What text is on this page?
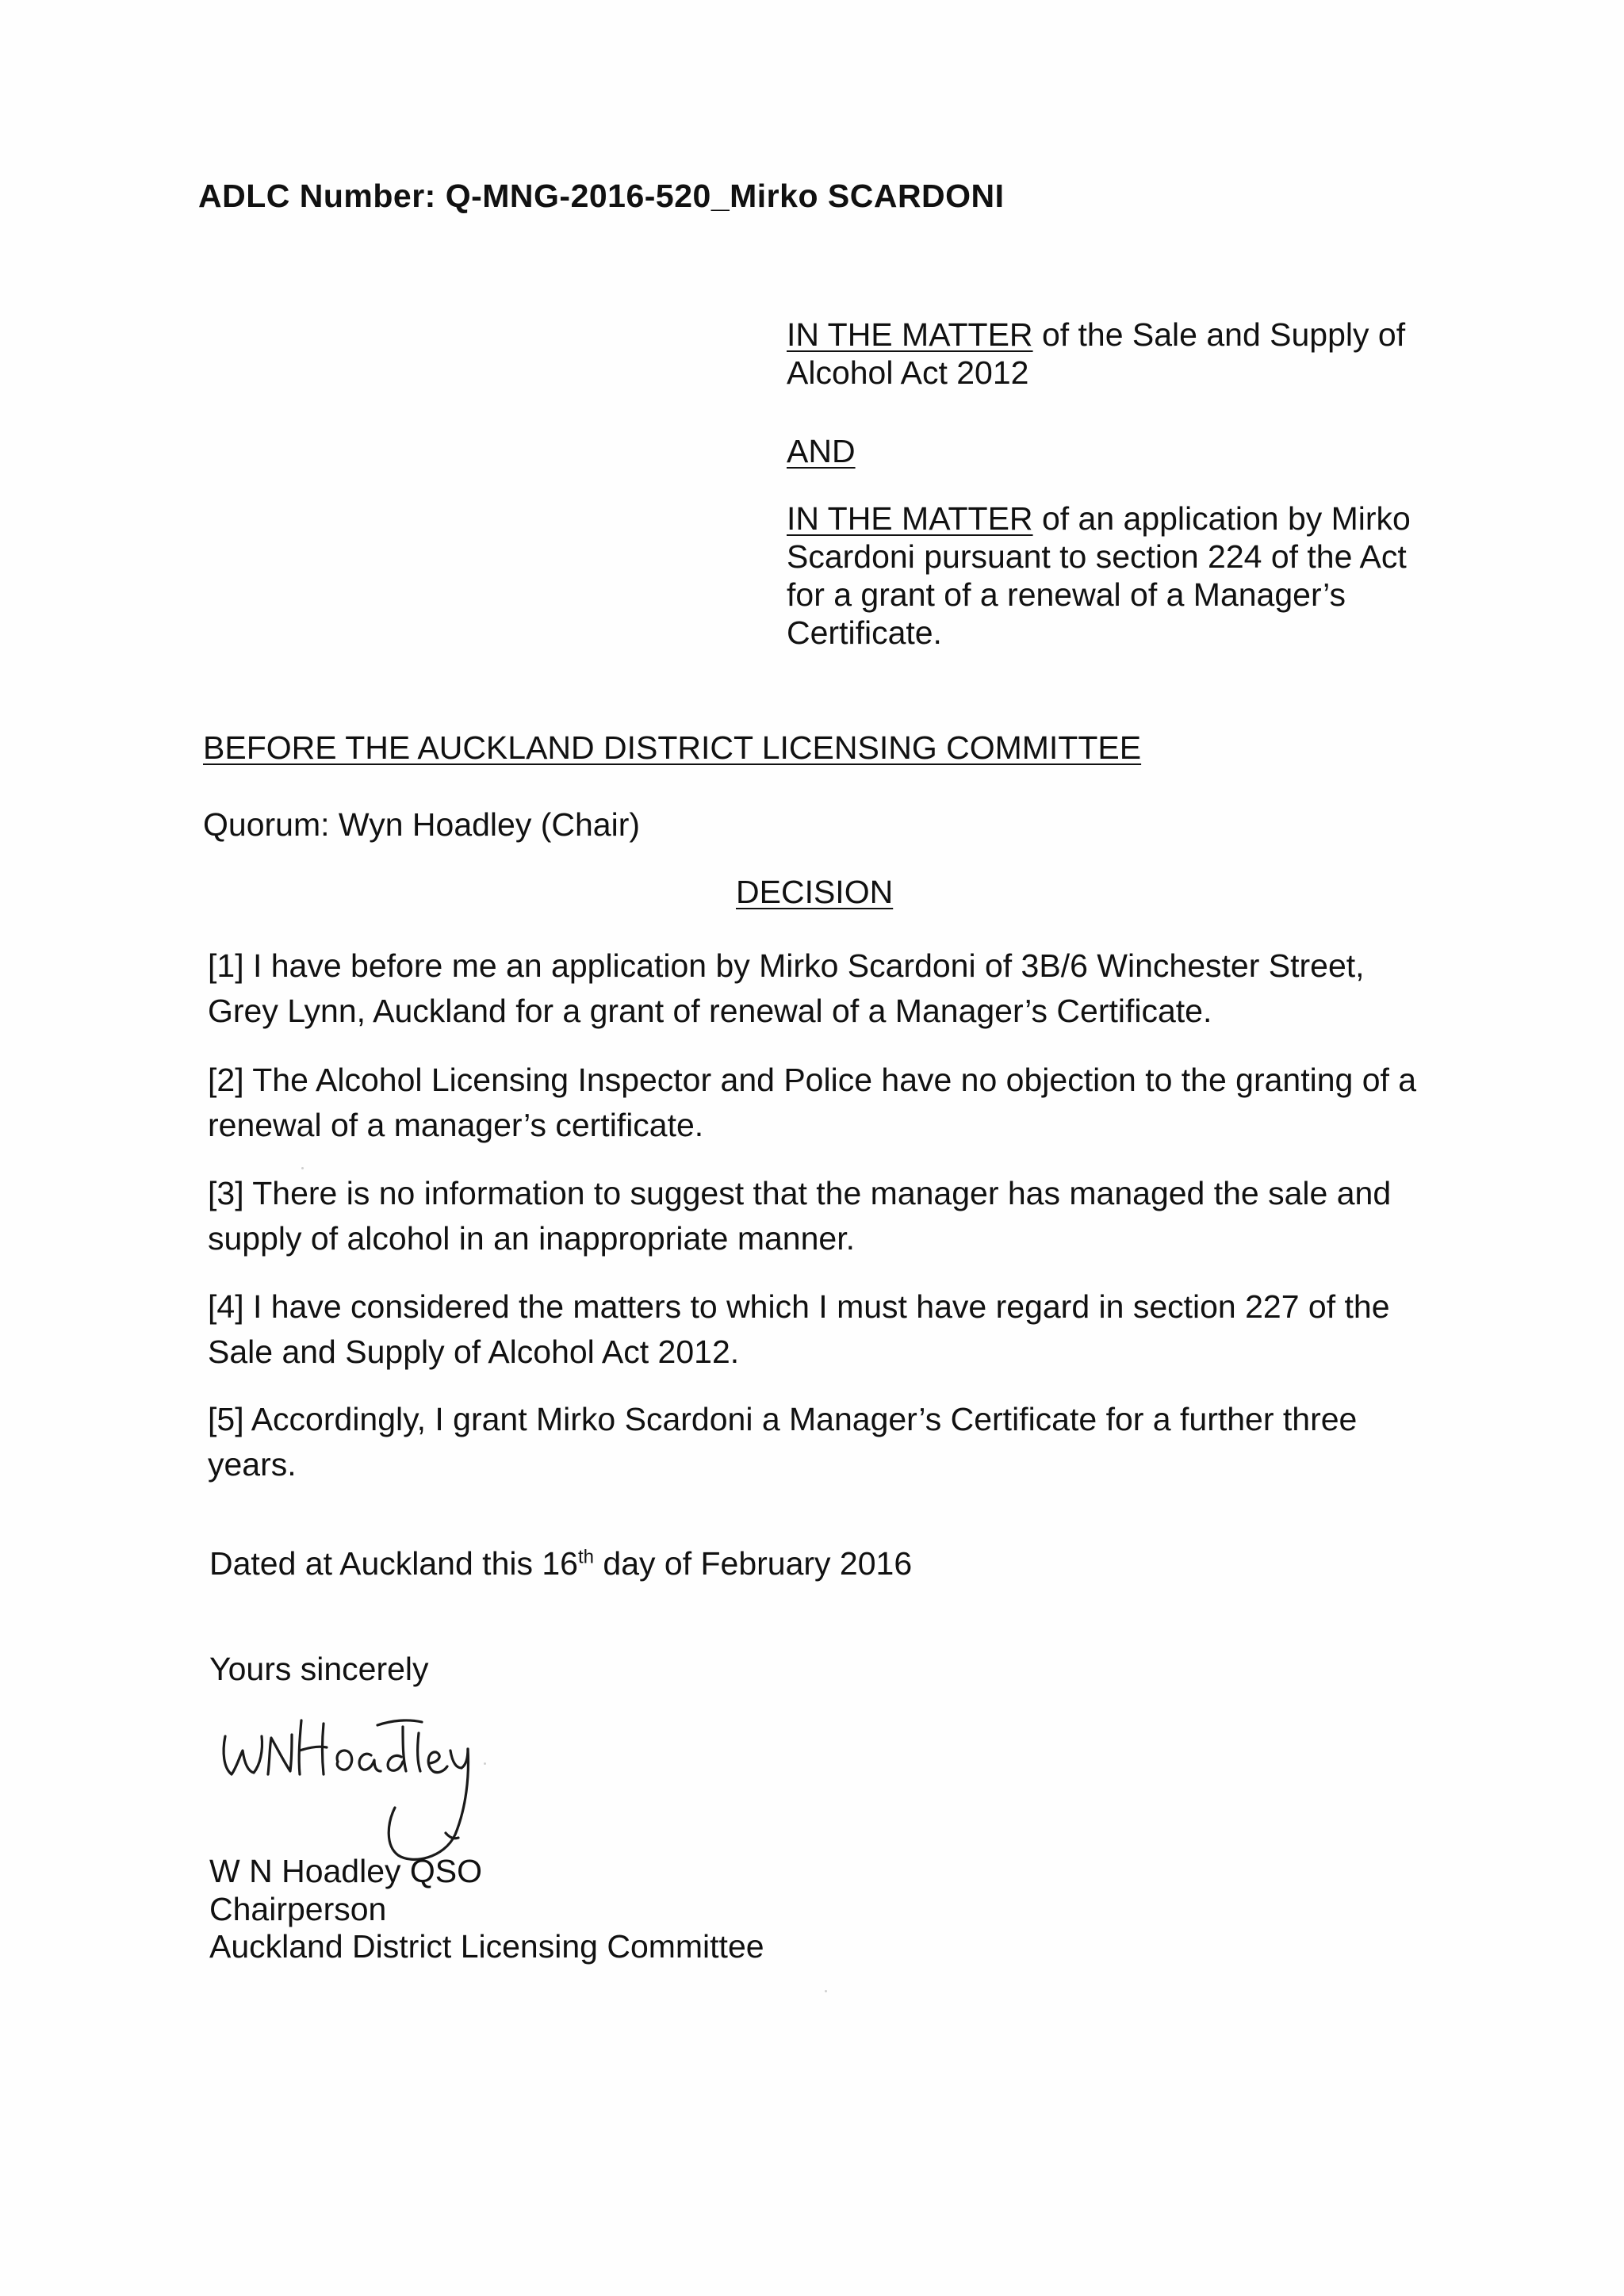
ADLC Number: Q-MNG-2016-520_Mirko SCARDONI
IN THE MATTER of the Sale and Supply of
Alcohol Act 2012
AND
IN THE MATTER of an application by Mirko
Scardoni pursuant to section 224 of the Act
for a grant of a renewal of a Manager’s
Certificate.
BEFORE THE AUCKLAND DISTRICT LICENSING COMMITTEE
Quorum: Wyn Hoadley (Chair)
DECISION
[1] I have before me an application by Mirko Scardoni of 3B/6 Winchester Street,
Grey Lynn, Auckland for a grant of renewal of a Manager’s Certificate.
[2] The Alcohol Licensing Inspector and Police have no objection to the granting of a
renewal of a manager’s certificate.
[3] There is no information to suggest that the manager has managed the sale and
supply of alcohol in an inappropriate manner.
[4] I have considered the matters to which I must have regard in section 227 of the
Sale and Supply of Alcohol Act 2012.
[5] Accordingly, I grant Mirko Scardoni a Manager’s Certificate for a further three
years.
Dated at Auckland this 16th day of February 2016
Yours sincerely
W N Hoadley QSO
Chairperson
Auckland District Licensing Committee
